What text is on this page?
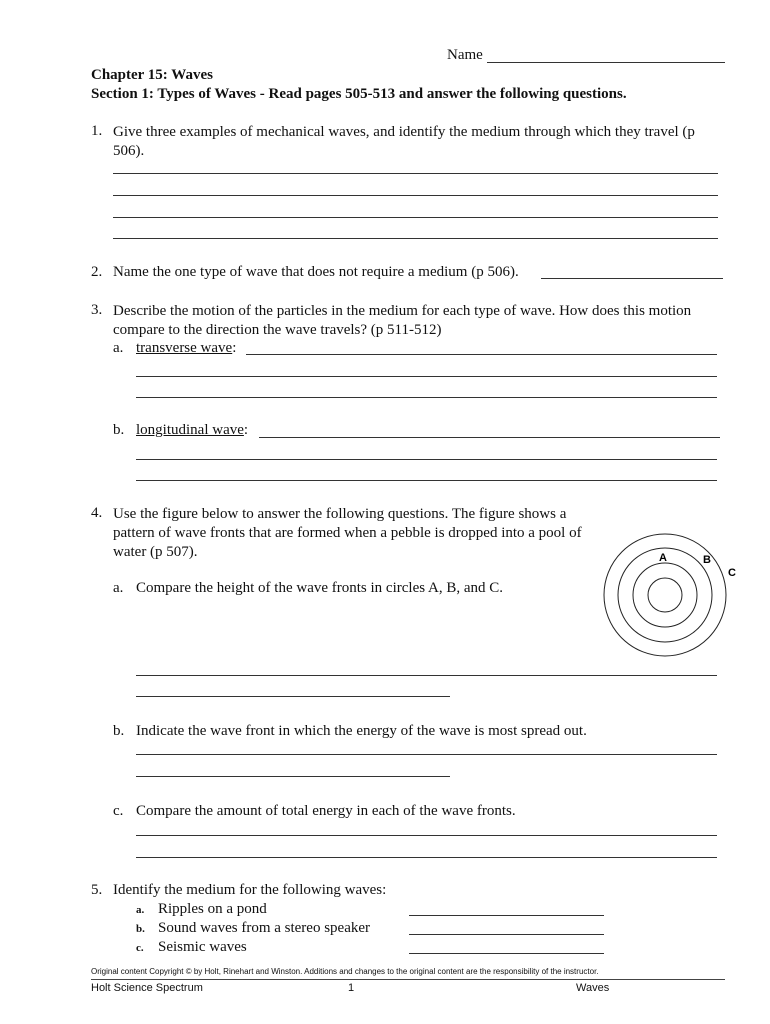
Name
Chapter 15: Waves
Section 1: Types of Waves - Read pages 505-513 and answer the following questions.
1. Give three examples of mechanical waves, and identify the medium through which they travel (p 506).
2. Name the one type of wave that does not require a medium (p 506).
3. Describe the motion of the particles in the medium for each type of wave. How does this motion compare to the direction the wave travels? (p 511-512)
a. transverse wave:
b. longitudinal wave:
4. Use the figure below to answer the following questions. The figure shows a pattern of wave fronts that are formed when a pebble is dropped into a pool of water (p 507).
a. Compare the height of the wave fronts in circles A, B, and C.
A	B
C
b. Indicate the wave front in which the energy of the wave is most spread out.
c. Compare the amount of total energy in each of the wave fronts.
5. Identify the medium for the following waves:
a. Ripples on a pond
b. Sound waves from a stereo speaker
c. Seismic waves
Original content Copyright © by Holt, Rinehart and Winston. Additions and changes to the original content are the responsibility of the instructor.
Holt Science Spectrum	1	Waves
